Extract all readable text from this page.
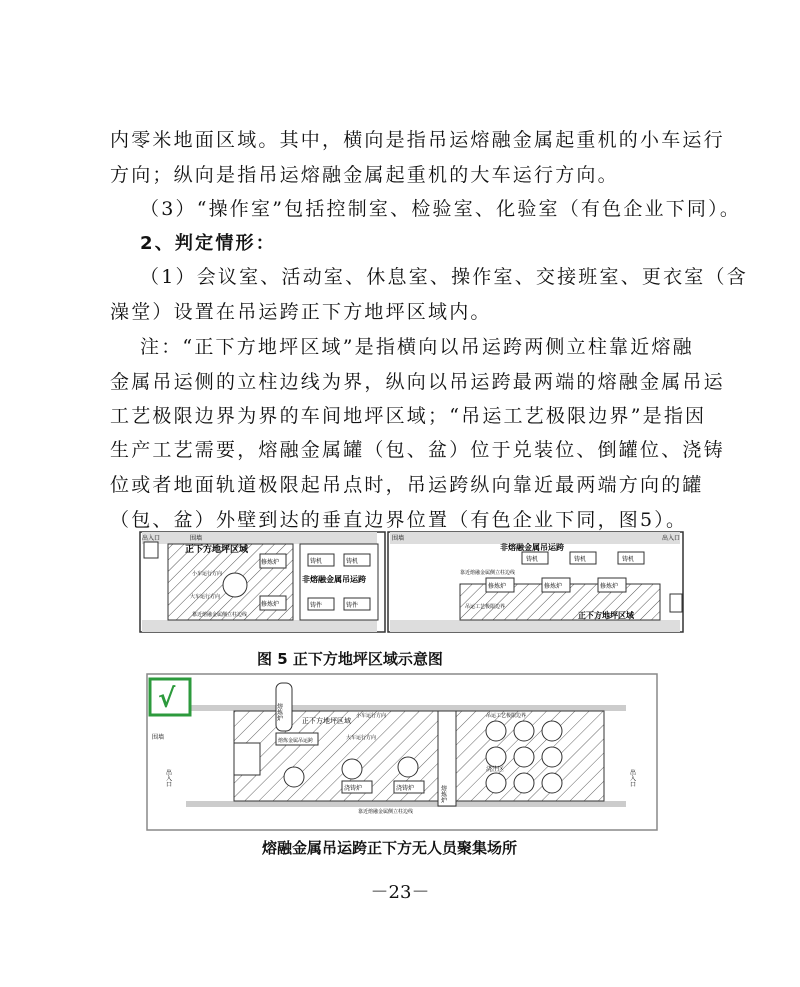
内零米地面区域。其中，横向是指吊运熔融金属起重机的小车运行
方向；纵向是指吊运熔融金属起重机的大车运行方向。
（3）“操作室”包括控制室、检验室、化验室（有色企业下同）。
2、判定情形：
（1）会议室、活动室、休息室、操作室、交接班室、更衣室（含
澡堂）设置在吊运跨正下方地坪区域内。
注：“正下方地坪区域”是指横向以吊运跨两侧立柱靠近熔融
金属吊运侧的立柱边线为界，纵向以吊运跨最两端的熔融金属吊运
工艺极限边界为界的车间地坪区域；“吊运工艺极限边界”是指因
生产工艺需要，熔融金属罐（包、盆）位于兑装位、倒罐位、浇铸
位或者地面轨道极限起吊点时，吊运跨纵向靠近最两端方向的罐
（包、盆）外壁到达的垂直边界位置（有色企业下同，图5）。
正下方地坪区域
非熔融金属吊运跨
修炼炉	铸机	铸机
修炼炉	铸件	铸件
出入口	围墙
小车运行方向
大车运行方向
靠近熔融金属侧立柱边线
非熔融金属吊运跨
正下方地坪区域
铸机	铸机	铸机
修炼炉	修炼炉	修炼炉
围墙	出入口
吊运工艺极限边界
靠近熔融金属侧立柱边线
图 5 正下方地坪区域示意图
√	熔炼炉
熔炼金属吊运跨
浇铸炉	浇铸炉	熔炼炉
浇注区
正下方地坪区域
围墙
出入口	出入口
小车运行方向
大车运行方向
靠近熔融金属侧立柱边线
吊运工艺极限边界
熔融金属吊运跨正下方无人员聚集场所
－23－
